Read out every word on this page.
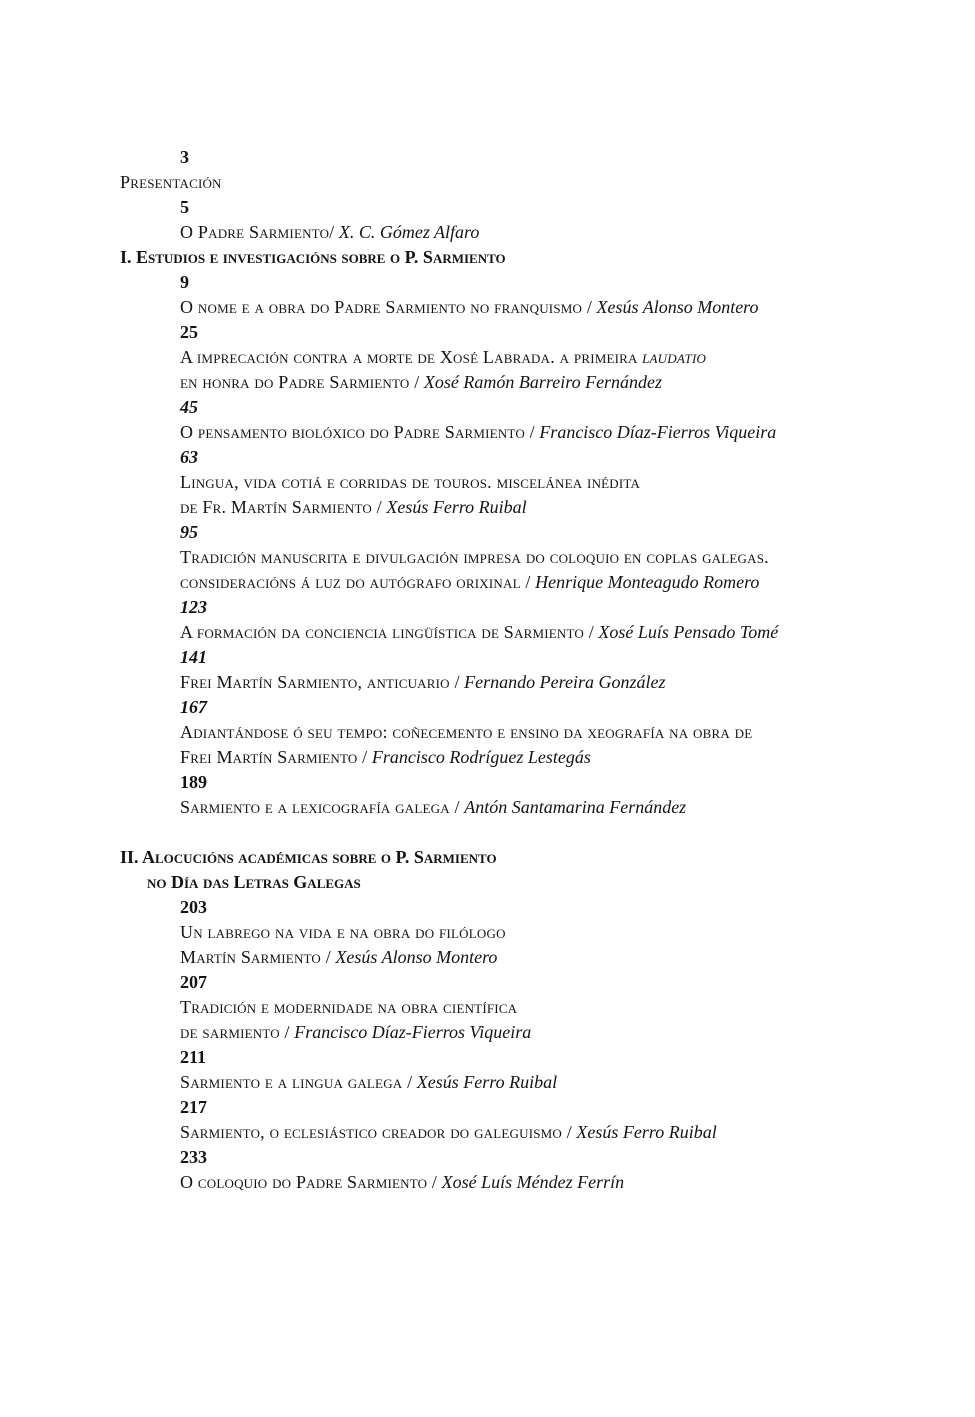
3
Presentación
5
O Padre Sarmiento/ X. C. Gómez Alfaro
I. Estudios e investigacións sobre o P. Sarmiento
9
O nome e a obra do Padre Sarmiento no franquismo / Xesús Alonso Montero
25
A imprecación contra a morte de Xosé Labrada. a primeira laudatio
en honra do Padre Sarmiento / Xosé Ramón Barreiro Fernández
45
O pensamento biolóxico do Padre Sarmiento / Francisco Díaz-Fierros Viqueira
63
Lingua, vida cotiá e corridas de touros. miscelánea inédita
de Fr. Martín Sarmiento / Xesús Ferro Ruibal
95
Tradición manuscrita e divulgación impresa do coloquio en coplas galegas.
consideracións á luz do autógrafo orixinal / Henrique Monteagudo Romero
123
A formación da conciencia lingüística de Sarmiento / Xosé Luís Pensado Tomé
141
Frei Martín Sarmiento, anticuario / Fernando Pereira González
167
Adiantándose ó seu tempo: coñecemento e ensino da xeografía na obra de
Frei Martín Sarmiento / Francisco Rodríguez Lestegás
189
Sarmiento e a lexicografía galega / Antón Santamarina Fernández
II. Alocucións académicas sobre o P. Sarmiento
no Día das Letras Galegas
203
Un labrego na vida e na obra do filólogo
Martín Sarmiento / Xesús Alonso Montero
207
Tradición e modernidade na obra científica
de sarmiento / Francisco Díaz-Fierros Viqueira
211
Sarmiento e a lingua galega / Xesús Ferro Ruibal
217
Sarmiento, o eclesiástico creador do galeguismo / Xesús Ferro Ruibal
233
O coloquio do Padre Sarmiento / Xosé Luís Méndez Ferrín
